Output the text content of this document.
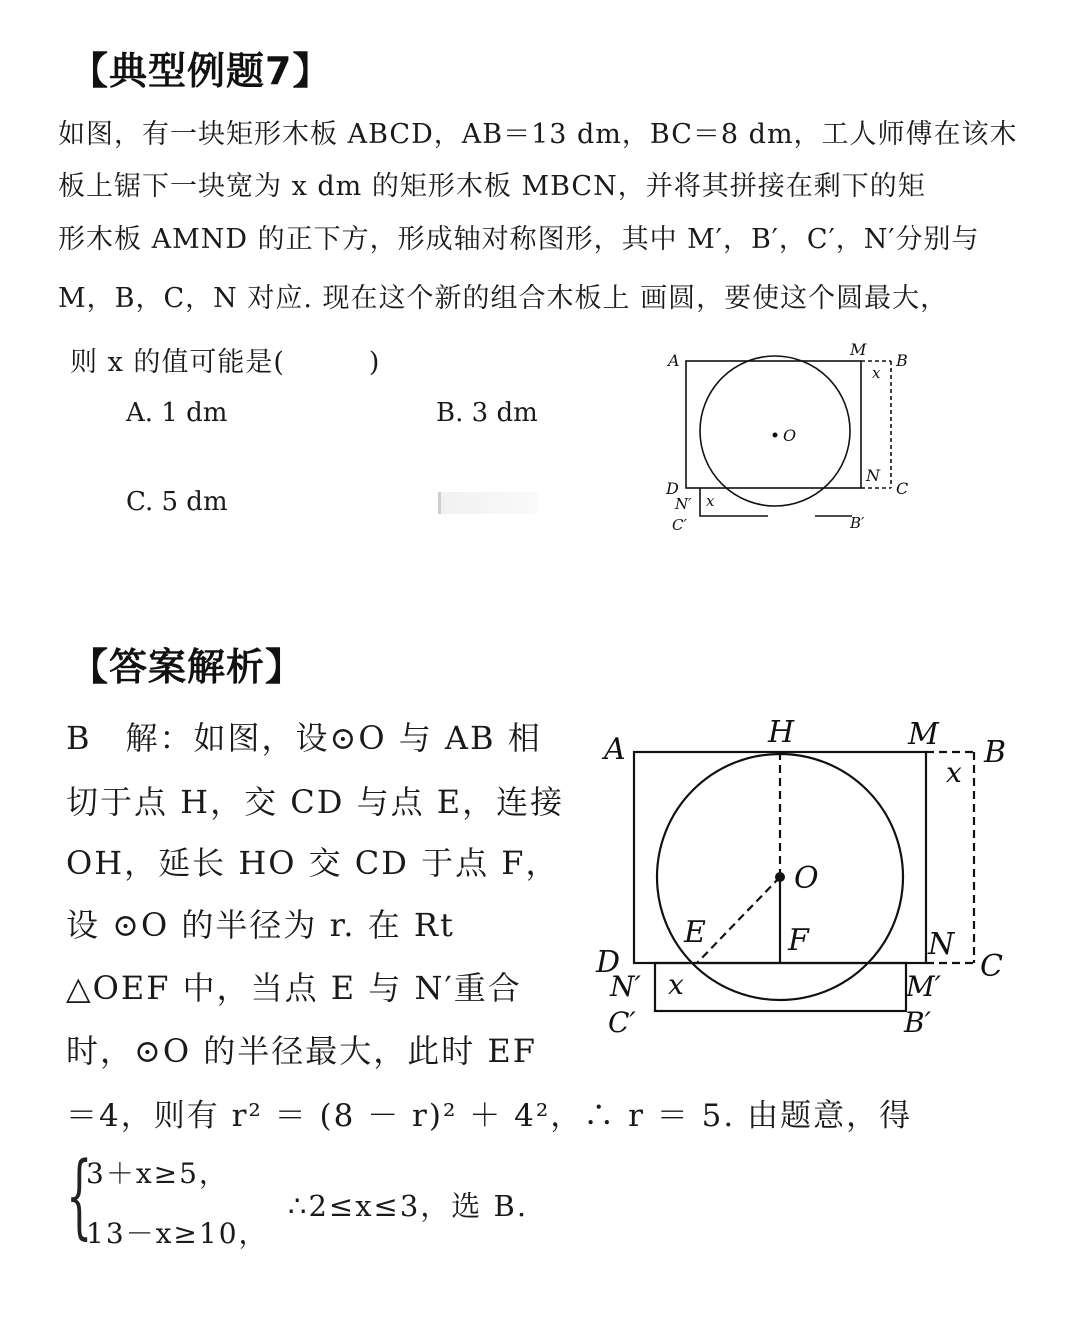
【典型例题7】
如图，有一块矩形木板 ABCD，AB＝13 dm，BC＝8 dm，工人师傅在该木
板上锯下一块宽为 x dm 的矩形木板 MBCN，并将其拼接在剩下的矩
形木板 AMND 的正下方，形成轴对称图形，其中 M′，B′，C′，N′分别与
M，B，C，N 对应. 现在这个新的组合木板上 画圆，要使这个圆最大，
则 x 的值可能是(　　　)
A. 1 dm	B. 3 dm
C. 5 dm
A
M
B
x
O
N
C
D
N′ x
C′	B′
【答案解析】
B　解：如图，设⊙O 与 AB 相
切于点 H，交 CD 与点 E，连接
OH，延长 HO 交 CD 于点 F，
设 ⊙O 的半径为 r. 在 Rt
△OEF 中，当点 E 与 N′重合
时，⊙O 的半径最大，此时 EF
＝4，则有 r² ＝ (8 － r)² ＋ 4²，∴ r ＝ 5. 由题意，得
{
3＋x≥5，
13－x≥10，
∴2≤x≤3，选 B.
A	H	M
B
x
O
E	F
D
N
C
N′ x	M′
C′	B′
